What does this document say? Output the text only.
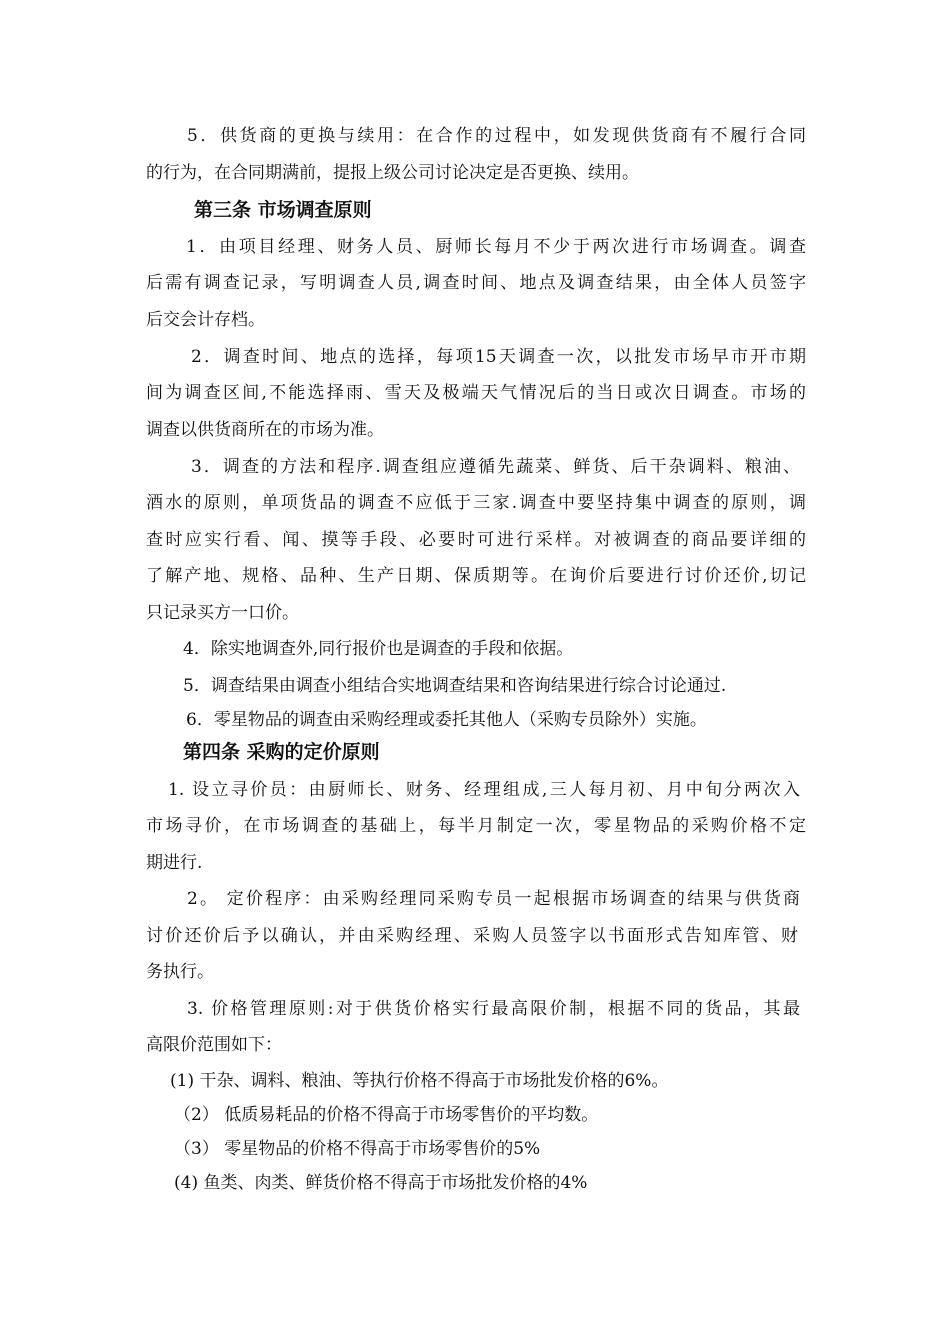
5．供货商的更换与续用：在合作的过程中，如发现供货商有不履行合同
的行为，在合同期满前，提报上级公司讨论决定是否更换、续用。
第三条 市场调查原则
1．由项目经理、财务人员、厨师长每月不少于两次进行市场调查。调查
后需有调查记录，写明调查人员,调查时间、地点及调查结果，由全体人员签字
后交会计存档。
2．调查时间、地点的选择，每项15天调查一次，以批发市场早市开市期
间为调查区间,不能选择雨、雪天及极端天气情况后的当日或次日调查。市场的
调查以供货商所在的市场为准。
3．调查的方法和程序.调查组应遵循先蔬菜、鲜货、后干杂调料、粮油、
酒水的原则，单项货品的调查不应低于三家.调查中要坚持集中调查的原则，调
查时应实行看、闻、摸等手段、必要时可进行采样。对被调查的商品要详细的
了解产地、规格、品种、生产日期、保质期等。在询价后要进行讨价还价,切记
只记录买方一口价。
4．除实地调查外,同行报价也是调查的手段和依据。
5．调查结果由调查小组结合实地调查结果和咨询结果进行综合讨论通过.
6．零星物品的调查由采购经理或委托其他人（采购专员除外）实施。
第四条 采购的定价原则
1. 设立寻价员：由厨师长、财务、经理组成,三人每月初、月中旬分两次入
市场寻价，在市场调查的基础上，每半月制定一次，零星物品的采购价格不定
期进行.
2。 定价程序：由采购经理同采购专员一起根据市场调查的结果与供货商
讨价还价后予以确认，并由采购经理、采购人员签字以书面形式告知库管、财
务执行。
3. 价格管理原则:对于供货价格实行最高限价制，根据不同的货品，其最
高限价范围如下：
(1) 干杂、调料、粮油、等执行价格不得高于市场批发价格的6%。
（2） 低质易耗品的价格不得高于市场零售价的平均数。
（3） 零星物品的价格不得高于市场零售价的5%
(4) 鱼类、肉类、鲜货价格不得高于市场批发价格的4%
